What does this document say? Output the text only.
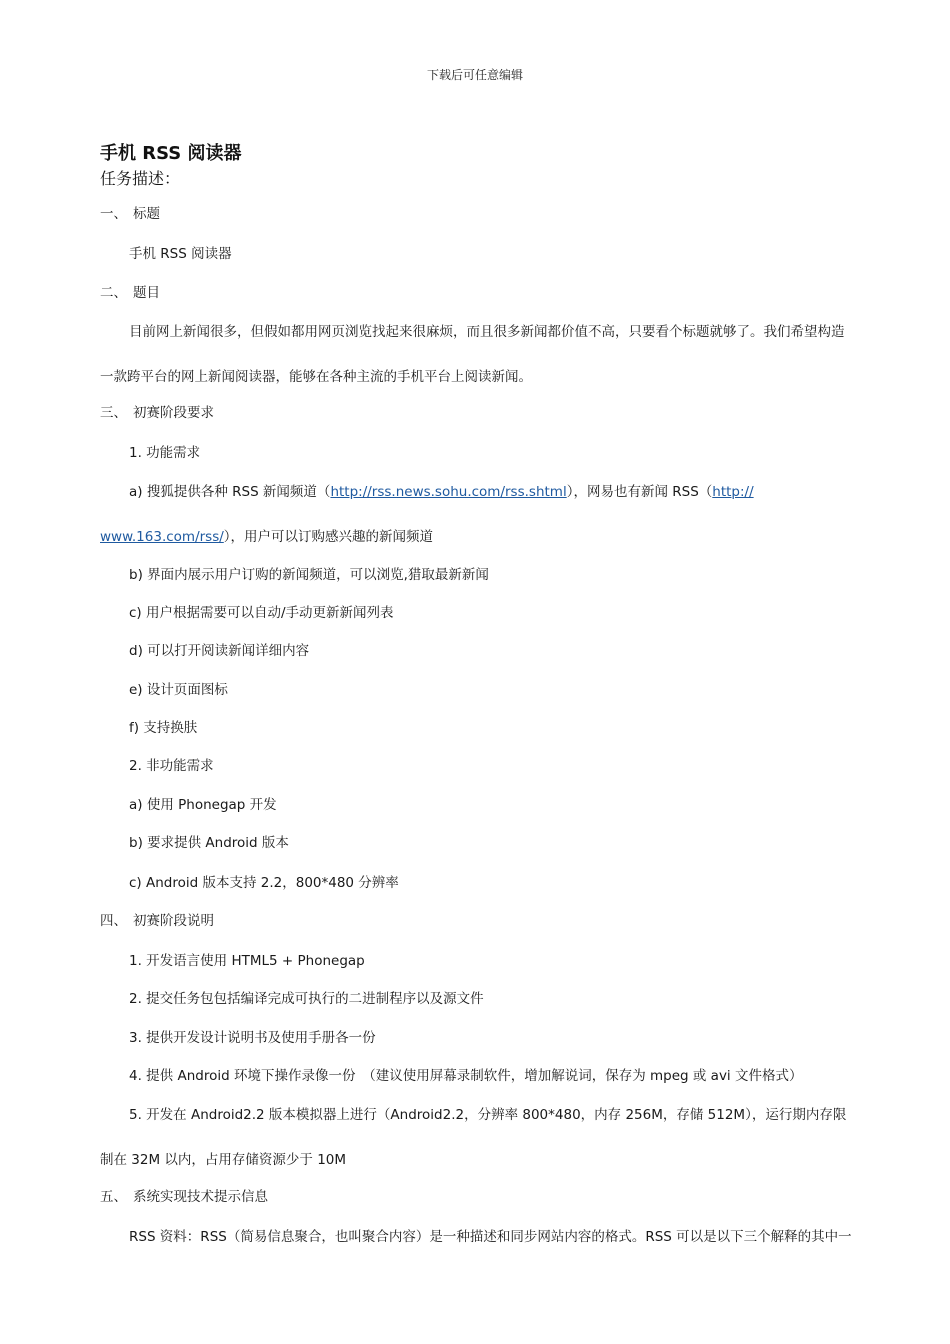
下载后可任意编辑
手机 RSS 阅读器
任务描述：
一、 标题
手机 RSS 阅读器
二、 题目
目前网上新闻很多，但假如都用网页浏览找起来很麻烦，而且很多新闻都价值不高，只要看个标题就够了。我们希望构造
一款跨平台的网上新闻阅读器，能够在各种主流的手机平台上阅读新闻。
三、 初赛阶段要求
1. 功能需求
a) 搜狐提供各种 RSS 新闻频道（http://rss.news.sohu.com/rss.shtml），网易也有新闻 RSS（http://
www.163.com/rss/），用户可以订购感兴趣的新闻频道
b) 界面内展示用户订购的新闻频道，可以浏览,猎取最新新闻
c) 用户根据需要可以自动/手动更新新闻列表
d) 可以打开阅读新闻详细内容
e) 设计页面图标
f) 支持换肤
2. 非功能需求
a) 使用 Phonegap 开发
b) 要求提供 Android 版本
c) Android 版本支持 2.2，800*480 分辨率
四、 初赛阶段说明
1. 开发语言使用 HTML5 + Phonegap
2. 提交任务包包括编译完成可执行的二进制程序以及源文件
3. 提供开发设计说明书及使用手册各一份
4. 提供 Android 环境下操作录像一份　（建议使用屏幕录制软件，增加解说词，保存为 mpeg 或 avi 文件格式）
5. 开发在 Android2.2 版本模拟器上进行（Android2.2，分辨率 800*480，内存 256M，存储 512M），运行期内存限
制在 32M 以内，占用存储资源少于 10M
五、 系统实现技术提示信息
RSS 资料：RSS（简易信息聚合，也叫聚合内容）是一种描述和同步网站内容的格式。RSS 可以是以下三个解释的其中一
